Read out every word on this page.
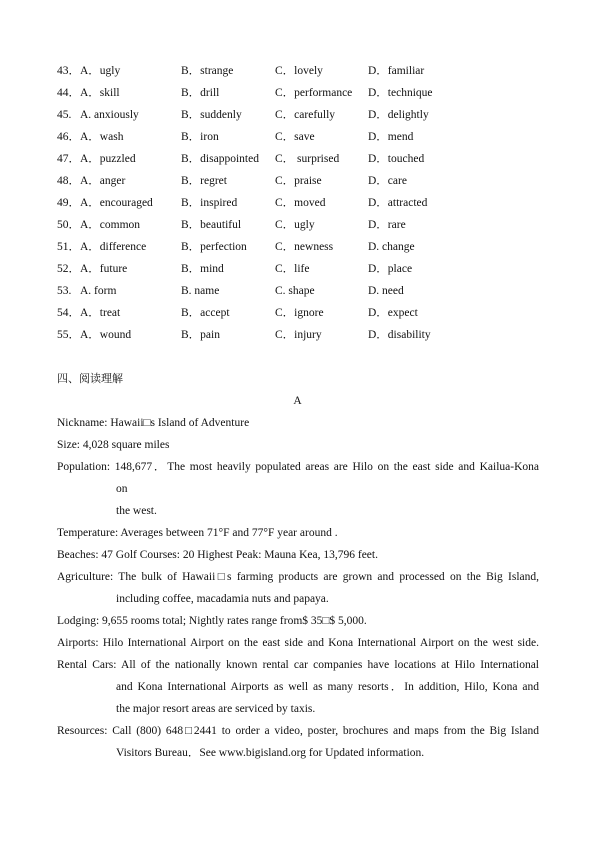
43． A．ugly	B．strange	C．lovely	D．familiar
44． A．skill	B．drill	C．performance D．technique
45. A. anxiously	B．suddenly	C．carefully	D．delightly
46． A．wash	B．iron	C．save	D．mend
47． A．puzzled	B．disappointed C． surprised	D．touched
48． A．anger	B．regret	C．praise	D．care
49． A．encouraged B．inspired	C．moved	D．attracted
50． A．common	B．beautiful	C．ugly	D．rare
51． A．difference	B．perfection C．newness	D. change
52． A．future	B．mind	C．life	D．place
53. A. form	B. name	C. shape	D. need
54． A．treat	B．accept	C．ignore	D．expect
55． A．wound	B．pain	C．injury	D．disability
四、阅读理解
A
Nickname: Hawaii□s Island of Adventure
Size: 4,028 square miles
Population: 148,677．The most heavily populated areas are Hilo on the east side and Kailua-Kona
on
the west.
Temperature: Averages between 71°F and 77°F year around .
Beaches: 47 Golf Courses: 20 Highest Peak: Mauna Kea, 13,796 feet.
Agriculture: The bulk of Hawaii□s farming products are grown and processed on the Big Island,
including coffee, macadamia nuts and papaya.
Lodging: 9,655 rooms total; Nightly rates range from$ 35□$ 5,000.
Airports: Hilo International Airport on the east side and Kona International Airport on the west side.
Rental Cars: All of the nationally known rental car companies have locations at Hilo International
and Kona International Airports as well as many resorts．In addition, Hilo, Kona and
the major resort areas are serviced by taxis.
Resources: Call (800) 648□2441 to order a video, poster, brochures and maps from the Big Island
Visitors Bureau．See www.bigisland.org for Updated information.
